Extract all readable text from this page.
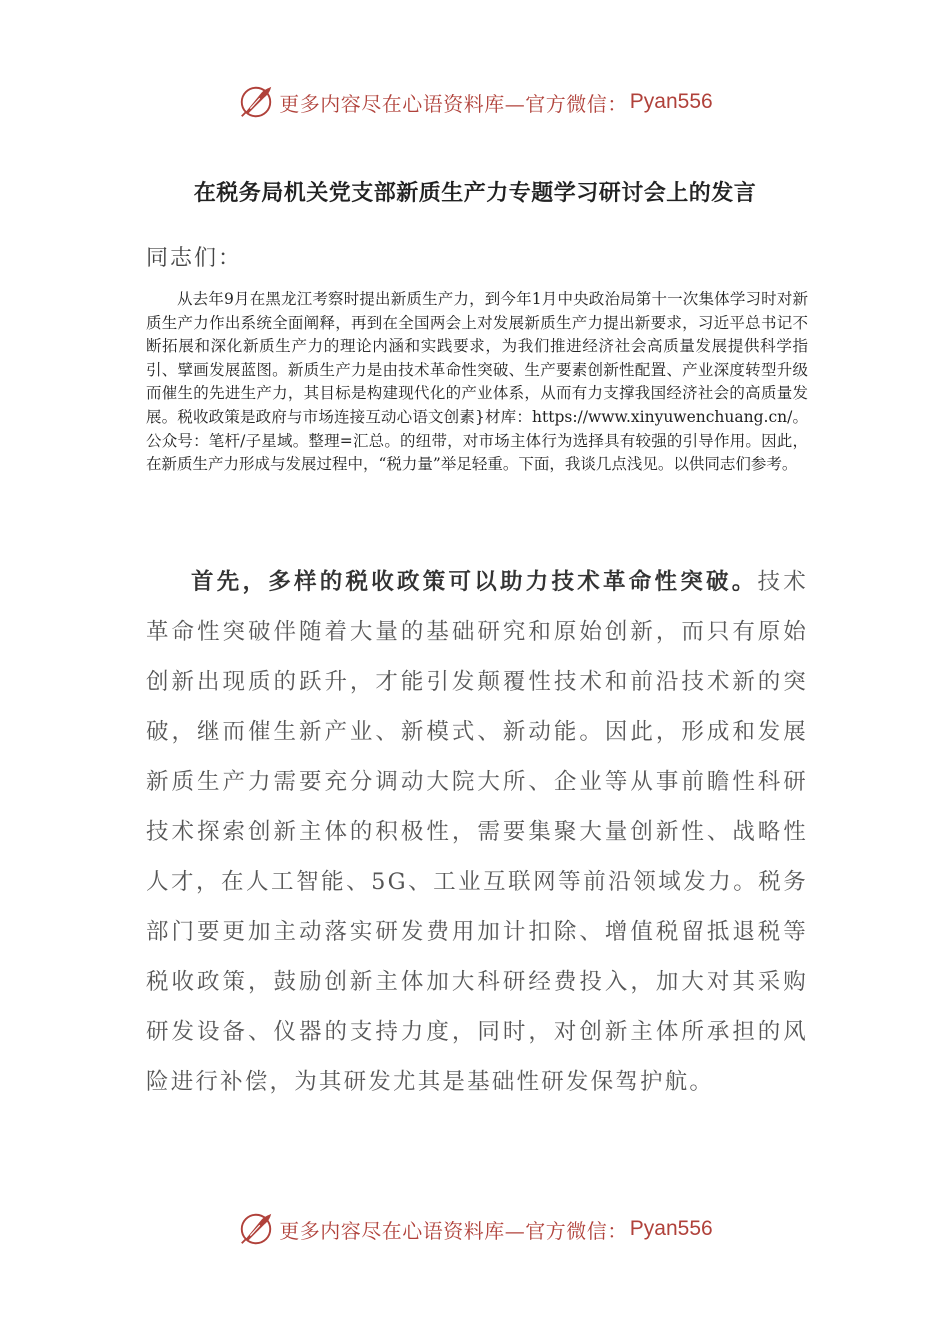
更多内容尽在心语资料库—官方微信： Pyan556
在税务局机关党支部新质生产力专题学习研讨会上的发言
同志们：

从去年9月在黑龙江考察时提出新质生产力，到今年1月中央政治局第十一次集体学习时对新质生产力作出系统全面阐释，再到在全国两会上对发展新质生产力提出新要求，习近平总书记不断拓展和深化新质生产力的理论内涵和实践要求，为我们推进经济社会高质量发展提供科学指引、擘画发展蓝图。新质生产力是由技术革命性突破、生产要素创新性配置、产业深度转型升级而催生的先进生产力，其目标是构建现代化的产业体系，从而有力支撑我国经济社会的高质量发展。税收政策是政府与市场连接互动心语文创素}材库：https://www.xinyuwenchuang.cn/。公众号：笔杆/子星域。整理=汇总。的纽带，对市场主体行为选择具有较强的引导作用。因此，在新质生产力形成与发展过程中，“税力量”举足轻重。下面，我谈几点浅见。以供同志们参考。

首先，多样的税收政策可以助力技术革命性突破。技术革命性突破伴随着大量的基础研究和原始创新，而只有原始创新出现质的跃升，才能引发颠覆性技术和前沿技术新的突破，继而催生新产业、新模式、新动能。因此，形成和发展新质生产力需要充分调动大院大所、企业等从事前瞻性科研技术探索创新主体的积极性，需要集聚大量创新性、战略性人才，在人工智能、5G、工业互联网等前沿领域发力。税务部门要更加主动落实研发费用加计扣除、增值税留抵退税等税收政策，鼓励创新主体加大科研经费投入，加大对其采购研发设备、仪器的支持力度，同时，对创新主体所承担的风险进行补偿，为其研发尤其是基础性研发保驾护航。

更多内容尽在心语资料库—官方微信： Pyan556
